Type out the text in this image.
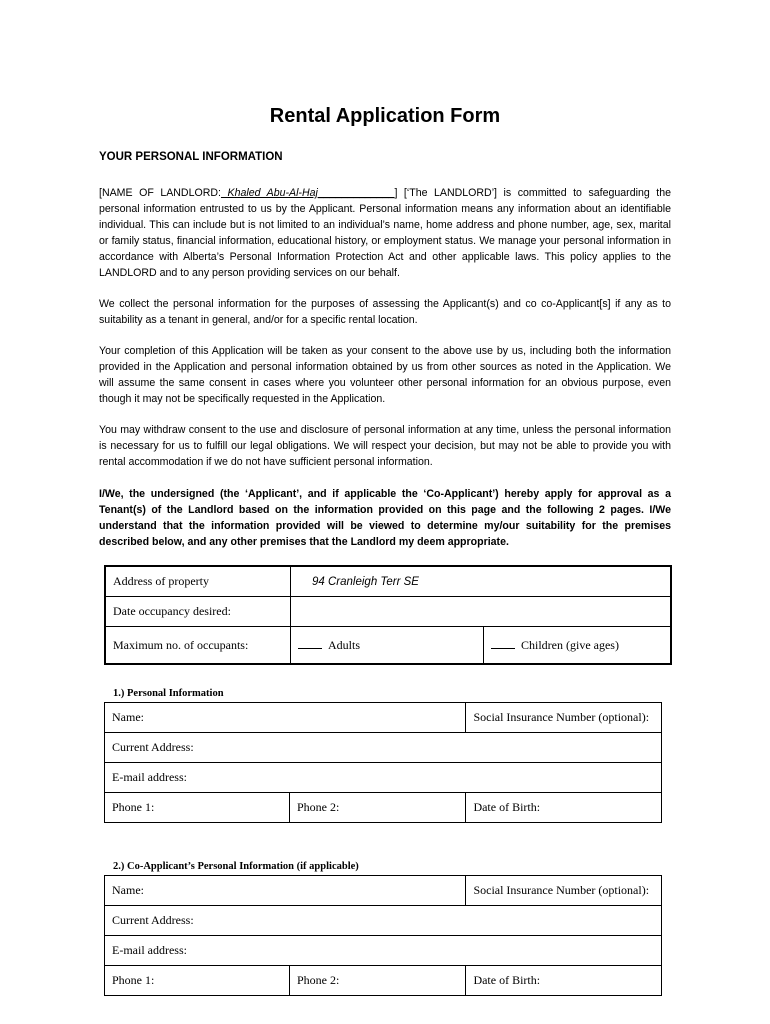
Rental Application Form
YOUR PERSONAL INFORMATION
[NAME OF LANDLORD: Khaled Abu-Al-Haj_____________] [‘The LANDLORD’] is committed to safeguarding the personal information entrusted to us by the Applicant. Personal information means any information about an identifiable individual. This can include but is not limited to an individual’s name, home address and phone number, age, sex, marital or family status, financial information, educational history, or employment status. We manage your personal information in accordance with Alberta’s Personal Information Protection Act and other applicable laws. This policy applies to the LANDLORD and to any person providing services on our behalf.
We collect the personal information for the purposes of assessing the Applicant(s) and co co-Applicant[s] if any as to suitability as a tenant in general, and/or for a specific rental location.
Your completion of this Application will be taken as your consent to the above use by us, including both the information provided in the Application and personal information obtained by us from other sources as noted in the Application. We will assume the same consent in cases where you volunteer other personal information for an obvious purpose, even though it may not be specifically requested in the Application.
You may withdraw consent to the use and disclosure of personal information at any time, unless the personal information is necessary for us to fulfill our legal obligations. We will respect your decision, but may not be able to provide you with rental accommodation if we do not have sufficient personal information.
I/We, the undersigned (the ‘Applicant’, and if applicable the ‘Co-Applicant’) hereby apply for approval as a Tenant(s) of the Landlord based on the information provided on this page and the following 2 pages. I/We understand that the information provided will be viewed to determine my/our suitability for the premises described below, and any other premises that the Landlord my deem appropriate.
Address of property	94 Cranleigh Terr SE	
Date occupancy desired:		
Maximum no. of occupants:	Adults	Children (give ages)
1.) Personal Information
Name:		Social Insurance Number (optional):
Current Address:		
E-mail address:		
Phone 1:	Phone 2:	Date of Birth:
2.) Co-Applicant’s Personal Information (if applicable)
Name:		Social Insurance Number (optional):
Current Address:		
E-mail address:		
Phone 1:	Phone 2:	Date of Birth:
